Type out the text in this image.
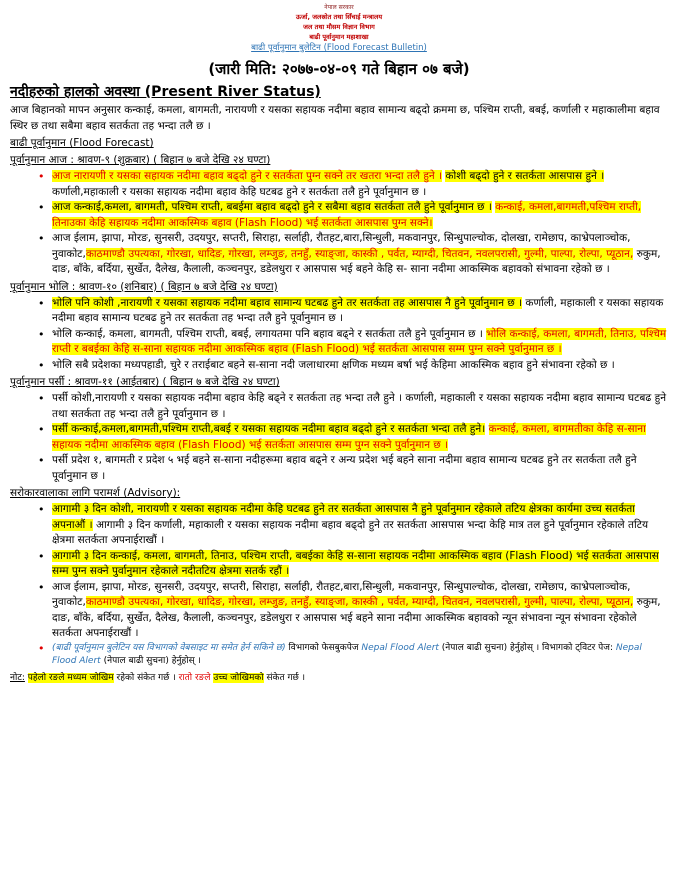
नेपाल सरकार
ऊर्जा, जलस्रोत तथा सिँचाई मन्त्रालय
जल तथा मौसम विज्ञान विभाग
बाढी पूर्वानुमान महाशाखा
बाढी पूर्वानुमान बुलेटिन (Flood Forecast Bulletin)
(जारी मिति: २०७७-०४-०९ गते बिहान ०७ बजे)
नदीहरुको हालको अवस्था (Present River Status)

आज बिहानको मापन अनुसार कन्काई, कमला, बागमती, नारायणी र यसका सहायक नदीमा बहाव सामान्य बढ्दो क्रममा छ, पश्चिम राप्ती, बबई, कर्णाली र महाकालीमा बहाव स्थिर छ तथा सबैमा बहाव सतर्कता तह भन्दा तलै छ ।

बाढी पूर्वानुमान (Flood Forecast)
पूर्वानुमान आज : श्रावण-९ (शुक्रबार) ( बिहान ७ बजे देखि २४ घण्टा)
• आज नारायणी र यसका सहायक नदीमा बहाव बढ्दो हुने र सतर्कता पुग्न सक्ने तर खतरा भन्दा तलै हुने । कोशी बढ्दो हुने र सतर्कता आसपास हुने । कर्णाली,महाकाली र यसका सहायक नदीमा बहाव केहि घटबढ हुने र सतर्कता तलै हुने पूर्वानुमान छ ।
• आज कन्काई,कमला, बागमती, पश्चिम राप्ती, बबईमा बहाव बढ्दो हुने र सबैमा बहाव सतर्कता तलै हुने पूर्वानुमान छ । कन्काई, कमला,बागमती,पश्चिम राप्ती, तिनाउका केहि सहायक नदीमा आकस्मिक बहाव (Flash Flood) भई सतर्कता आसपास पुग्न सक्ने।
• आज ईलाम, झापा, मोरङ, सुनसरी, उदयपुर, सप्तरी, सिराहा, सर्लाही, रौतहट,बारा,सिन्धुली, मकवानपुर, सिन्धुपाल्चोक, दोलखा, रामेछाप, काभ्रेपलाञ्चोक, नुवाकोट,काठमाण्डौ उपत्यका, गोरखा, धादिङ, गोरखा, लम्जुङ, तनहुँ, स्याङ्जा, कास्की , पर्वत, म्याग्दी, चितवन, नवलपरासी, गुल्मी, पाल्पा, रोल्पा, प्यूठान, रुकुम, दाङ, बाँके, बर्दिया, सुर्खेत, दैलेख, कैलाली, कञ्चनपुर, डडेलधुरा र आसपास भई बहने केहि स- साना नदीमा आकस्मिक बहावको संभावना रहेको छ ।
पूर्वानुमान भोलि : श्रावण-१० (शनिबार) ( बिहान ७ बजे देखि २४ घण्टा)
• भोलि पनि कोशी ,नारायणी र यसका सहायक नदीमा बहाव सामान्य घटबढ हुने तर सतर्कता तह आसपास नै हुने पूर्वानुमान छ । कर्णाली, महाकाली र यसका सहायक नदीमा बहाव सामान्य घटबढ हुने तर सतर्कता तह भन्दा तलै हुने पूर्वानुमान छ ।
• भोलि कन्काई, कमला, बागमती, पश्चिम राप्ती, बबई, लगायतमा पनि बहाव बढ्ने र सतर्कता तलै हुने पूर्वानुमान छ । भोलि कन्काई, कमला, बागमती, तिनाउ, पश्चिम राप्ती र बबईका केहि स-साना सहायक नदीमा आकस्मिक बहाव (Flash Flood) भई सतर्कता आसपास सम्म पुग्न सक्ने पुर्वानुमान छ ।
• भोलि सबै प्रदेशका मध्यपहाडी, चुरे र तराईबाट बहने स-साना नदी जलाधारमा क्षणिक मध्यम बर्षा भई केहिमा आकस्मिक बहाव हुने संभावना रहेको छ ।
पूर्वानुमान पर्सी : श्रावण-११ (आईतबार) ( बिहान ७ बजे देखि २४ घण्टा)
• पर्सी कोशी,नारायणी र यसका सहायक नदीमा बहाव केहि बढ्ने र सतर्कता तह भन्दा तलै हुने । कर्णाली, महाकाली र यसका सहायक नदीमा बहाव सामान्य घटबढ हुने तथा सतर्कता तह भन्दा तलै हुने पूर्वानुमान छ ।
• पर्सी कन्काई,कमला,बागमती,पश्चिम राप्ती,बबई र यसका सहायक नदीमा बहाव बढ्दो हुने र सतर्कता भन्दा तलै हुने। कन्काई, कमला, बागमतीका केहि स-साना सहायक नदीमा आकस्मिक बहाव (Flash Flood) भई सतर्कता आसपास सम्म पुग्न सक्ने पुर्वानुमान छ ।
• पर्सी प्रदेश १, बागमती र प्रदेश ५ भई बहने स-साना नदीहरूमा बहाव बढ्ने र अन्य प्रदेश भई बहने साना नदीमा बहाव सामान्य घटबढ हुने तर सतर्कता तलै हुने पूर्वानुमान छ ।
सरोकारवालाका लागि परामर्श (Advisory):
• आगामी ३ दिन कोशी, नारायणी र यसका सहायक नदीमा केहि घटबढ हुने तर सतर्कता आसपास नै हुने पूर्वानुमान रहेकाले तटिय क्षेत्रका कार्यमा उच्च सतर्कता अपनाऔं । आगामी ३ दिन कर्णाली, महाकाली र यसका सहायक नदीमा बहाव बढ्दो हुने तर सतर्कता आसपास भन्दा केहि मात्र तल हुने पूर्वानुमान रहेकाले तटिय क्षेत्रमा सतर्कता अपनाईराखौं ।
• आगामी ३ दिन कन्काई, कमला, बागमती, तिनाउ, पश्चिम राप्ती, बबईका केहि स-साना सहायक नदीमा आकस्मिक बहाव (Flash Flood) भई सतर्कता आसपास सम्म पुग्न सक्ने पुर्वानुमान रहेकाले नदीतटिय क्षेत्रमा सतर्क रहौं ।
• आज ईलाम, झापा, मोरङ, सुनसरी, उदयपुर, सप्तरी, सिराहा, सर्लाही, रौतहट,बारा,सिन्धुली, मकवानपुर, सिन्धुपाल्चोक, दोलखा, रामेछाप, काभ्रेपलाञ्चोक, नुवाकोट,काठमाण्डौ उपत्यका, गोरखा, धादिङ, गोरखा, लम्जुङ, तनहुँ, स्याङ्जा, कास्की , पर्वत, म्याग्दी, चितवन, नवलपरासी, गुल्मी, पाल्पा, रोल्पा, प्यूठान, रुकुम, दाङ, बाँके, बर्दिया, सुर्खेत, दैलेख, कैलाली, कञ्चनपुर, डडेलधुरा र आसपास भई बहने साना नदीमा आकस्मिक बहावको न्यून संभावना न्यून संभावना रहेकोले सतर्कता अपनाईराखौं ।
• (बाढी पूर्वानुमान बुलेटिन यस विभागको वेबसाइट मा समेत हेर्न सकिने छ) विभागको फेसबुकपेज Nepal Flood Alert (नेपाल बाढी सुचना) हेर्नुहोस् । विभागको ट्विटर पेज: Nepal Flood Alert (नेपाल बाढी सुचना) हेर्नुहोस् ।
नोट: पहेलो रङले मध्यम जोखिम रहेको संकेत गर्छ । रातो रङले उच्च जोखिमको संकेत गर्छ ।
